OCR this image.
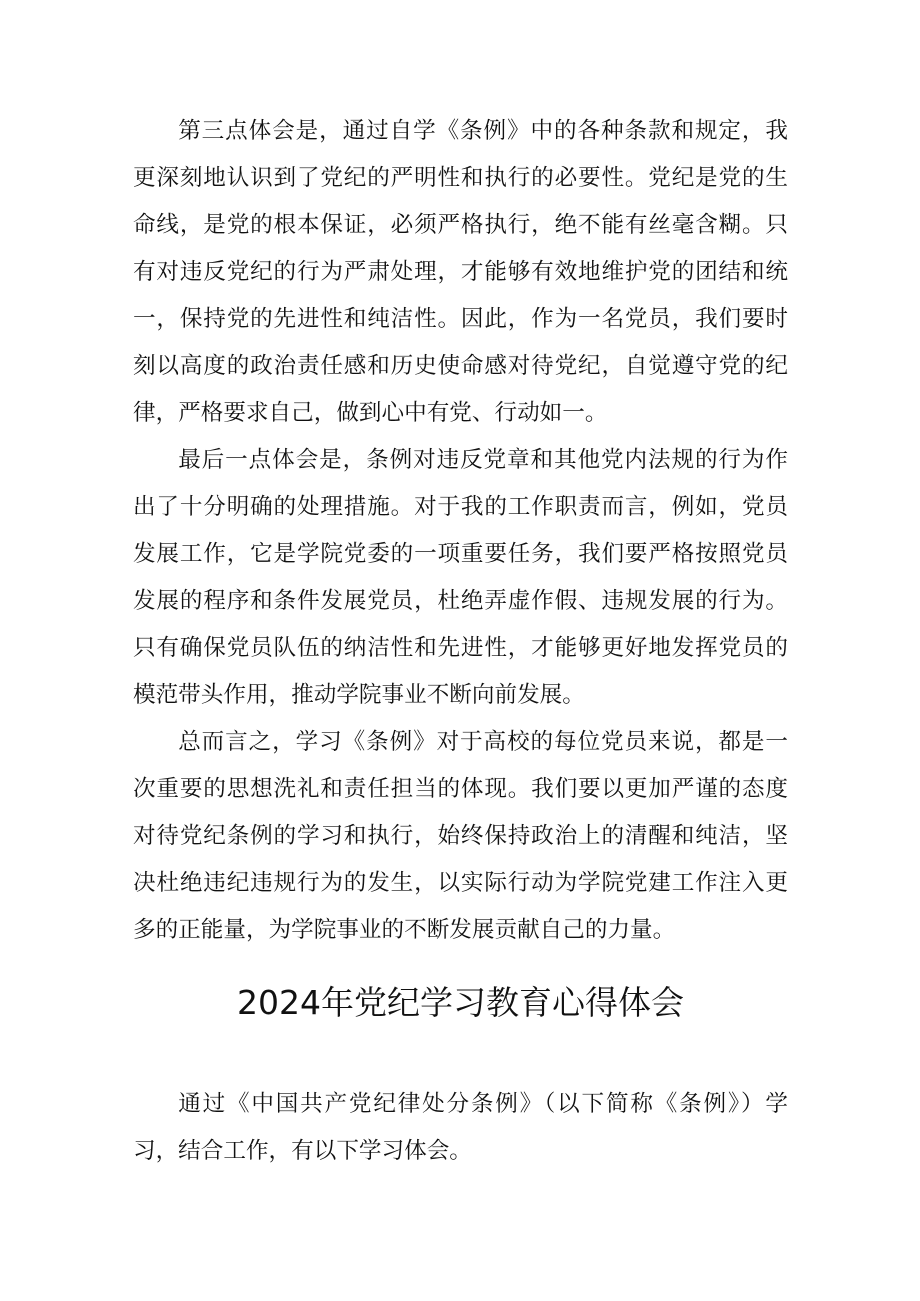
第三点体会是，通过自学《条例》中的各种条款和规定，我更深刻地认识到了党纪的严明性和执行的必要性。党纪是党的生命线，是党的根本保证，必须严格执行，绝不能有丝毫含糊。只有对违反党纪的行为严肃处理，才能够有效地维护党的团结和统一，保持党的先进性和纯洁性。因此，作为一名党员，我们要时刻以高度的政治责任感和历史使命感对待党纪，自觉遵守党的纪律，严格要求自己，做到心中有党、行动如一。

最后一点体会是，条例对违反党章和其他党内法规的行为作出了十分明确的处理措施。对于我的工作职责而言，例如，党员发展工作，它是学院党委的一项重要任务，我们要严格按照党员发展的程序和条件发展党员，杜绝弄虚作假、违规发展的行为。只有确保党员队伍的纳洁性和先进性，才能够更好地发挥党员的模范带头作用，推动学院事业不断向前发展。

总而言之，学习《条例》对于高校的每位党员来说，都是一次重要的思想洗礼和责任担当的体现。我们要以更加严谨的态度对待党纪条例的学习和执行，始终保持政治上的清醒和纯洁，坚决杜绝违纪违规行为的发生，以实际行动为学院党建工作注入更多的正能量，为学院事业的不断发展贡献自己的力量。

2024年党纪学习教育心得体会

通过《中国共产党纪律处分条例》（以下简称《条例》）学习，结合工作，有以下学习体会。
